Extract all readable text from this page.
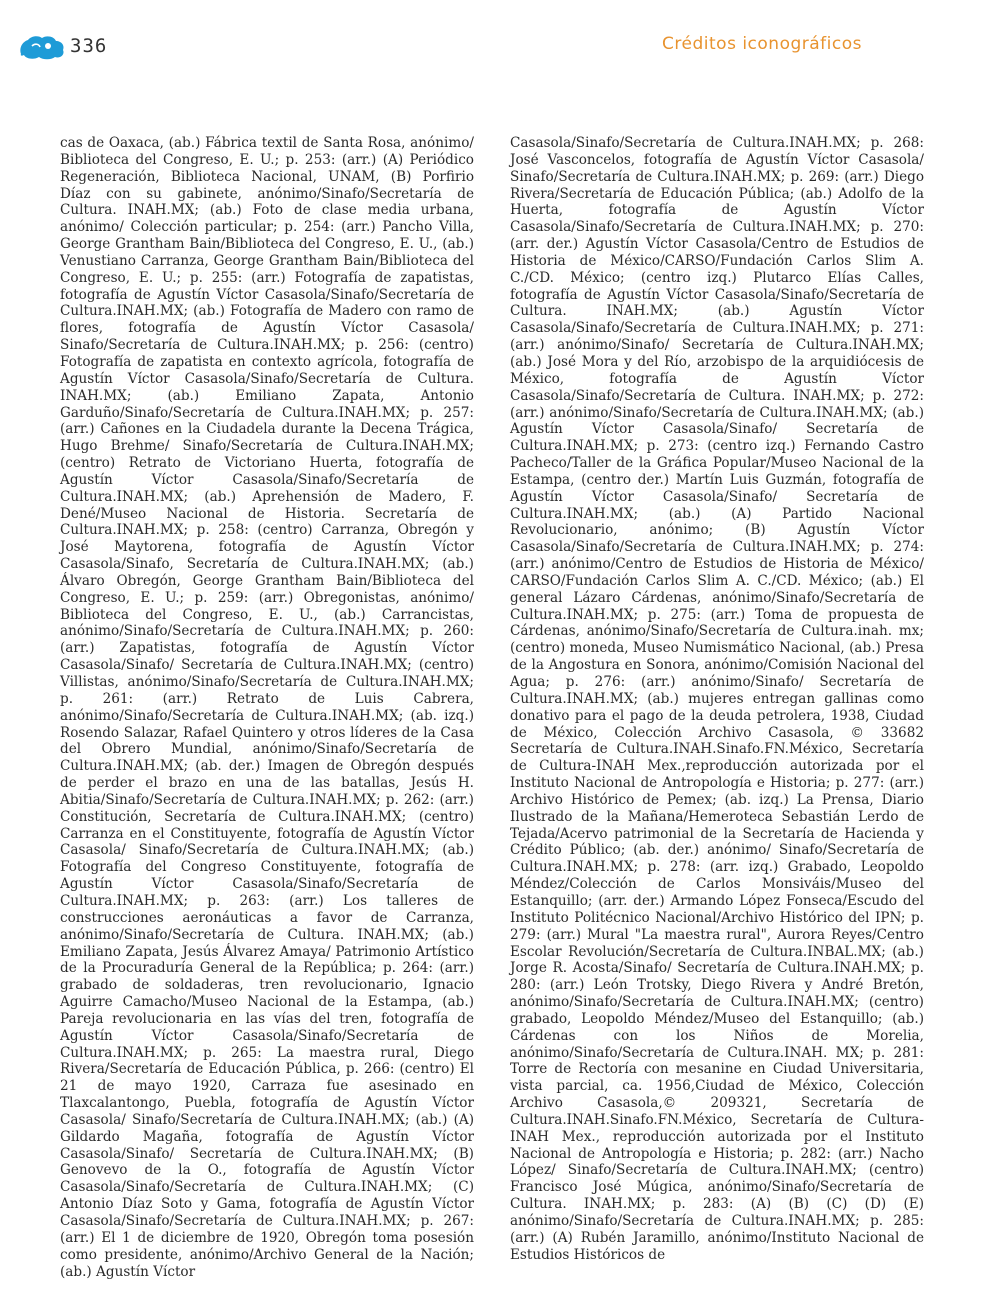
336	Créditos iconográficos

cas de Oaxaca, (ab.) Fábrica textil de Santa Rosa, anónimo/ Biblioteca del Congreso, E. U.; p. 253: (arr.) (A) Periódico Regeneración, Biblioteca Nacional, UNAM, (B) Porfirio Díaz con su gabinete, anónimo/Sinafo/Secretaría de Cultura. INAH.MX; (ab.) Foto de clase media urbana, anónimo/ Colección particular; p. 254: (arr.) Pancho Villa, George Grantham Bain/Biblioteca del Congreso, E. U., (ab.) Venustiano Carranza, George Grantham Bain/Biblioteca del Congreso, E. U.; p. 255: (arr.) Fotografía de zapatistas, fotografía de Agustín Víctor Casasola/Sinafo/Secretaría de Cultura.INAH.MX; (ab.) Fotografía de Madero con ramo de flores, fotografía de Agustín Víctor Casasola/ Sinafo/Secretaría de Cultura.INAH.MX; p. 256: (centro) Fotografía de zapatista en contexto agrícola, fotografía de Agustín Víctor Casasola/Sinafo/Secretaría de Cultura. INAH.MX; (ab.) Emiliano Zapata, Antonio Garduño/Sinafo/Secretaría de Cultura.INAH.MX; p. 257: (arr.) Cañones en la Ciudadela durante la Decena Trágica, Hugo Brehme/ Sinafo/Secretaría de Cultura.INAH.MX; (centro) Retrato de Victoriano Huerta, fotografía de Agustín Víctor Casasola/Sinafo/Secretaría de Cultura.INAH.MX; (ab.) Aprehensión de Madero, F. Dené/Museo Nacional de Historia. Secretaría de Cultura.INAH.MX; p. 258: (centro) Carranza, Obregón y José Maytorena, fotografía de Agustín Víctor Casasola/Sinafo, Secretaría de Cultura.INAH.MX; (ab.) Álvaro Obregón, George Grantham Bain/Biblioteca del Congreso, E. U.; p. 259: (arr.) Obregonistas, anónimo/ Biblioteca del Congreso, E. U., (ab.) Carrancistas, anónimo/Sinafo/Secretaría de Cultura.INAH.MX; p. 260: (arr.) Zapatistas, fotografía de Agustín Víctor Casasola/Sinafo/ Secretaría de Cultura.INAH.MX; (centro) Villistas, anónimo/Sinafo/Secretaría de Cultura.INAH.MX; p. 261: (arr.) Retrato de Luis Cabrera, anónimo/Sinafo/Secretaría de Cultura.INAH.MX; (ab. izq.) Rosendo Salazar, Rafael Quintero y otros líderes de la Casa del Obrero Mundial, anónimo/Sinafo/Secretaría de Cultura.INAH.MX; (ab. der.) Imagen de Obregón después de perder el brazo en una de las batallas, Jesús H. Abitia/Sinafo/Secretaría de Cultura.INAH.MX; p. 262: (arr.) Constitución, Secretaría de Cultura.INAH.MX; (centro) Carranza en el Constituyente, fotografía de Agustín Víctor Casasola/ Sinafo/Secretaría de Cultura.INAH.MX; (ab.) Fotografía del Congreso Constituyente, fotografía de Agustín Víctor Casasola/Sinafo/Secretaría de Cultura.INAH.MX; p. 263: (arr.) Los talleres de construcciones aeronáuticas a favor de Carranza, anónimo/Sinafo/Secretaría de Cultura. INAH.MX; (ab.) Emiliano Zapata, Jesús Álvarez Amaya/ Patrimonio Artístico de la Procuraduría General de la República; p. 264: (arr.) grabado de soldaderas, tren revolucionario, Ignacio Aguirre Camacho/Museo Nacional de la Estampa, (ab.) Pareja revolucionaria en las vías del tren, fotografía de Agustín Víctor Casasola/Sinafo/Secretaría de Cultura.INAH.MX; p. 265: La maestra rural, Diego Rivera/Secretaría de Educación Pública, p. 266: (centro) El 21 de mayo 1920, Carraza fue asesinado en Tlaxcalantongo, Puebla, fotografía de Agustín Víctor Casasola/ Sinafo/Secretaría de Cultura.INAH.MX; (ab.) (A) Gildardo Magaña, fotografía de Agustín Víctor Casasola/Sinafo/ Secretaría de Cultura.INAH.MX; (B) Genovevo de la O., fotografía de Agustín Víctor Casasola/Sinafo/Secretaría de Cultura.INAH.MX; (C) Antonio Díaz Soto y Gama, fotografía de Agustín Víctor Casasola/Sinafo/Secretaría de Cultura.INAH.MX; p. 267: (arr.) El 1 de diciembre de 1920, Obregón toma posesión como presidente, anónimo/Archivo General de la Nación; (ab.) Agustín Víctor

Casasola/Sinafo/Secretaría de Cultura.INAH.MX; p. 268: José Vasconcelos, fotografía de Agustín Víctor Casasola/ Sinafo/Secretaría de Cultura.INAH.MX; p. 269: (arr.) Diego Rivera/Secretaría de Educación Pública; (ab.) Adolfo de la Huerta, fotografía de Agustín Víctor Casasola/Sinafo/Secretaría de Cultura.INAH.MX; p. 270: (arr. der.) Agustín Víctor Casasola/Centro de Estudios de Historia de México/CARSO/Fundación Carlos Slim A. C./CD. México; (centro izq.) Plutarco Elías Calles, fotografía de Agustín Víctor Casasola/Sinafo/Secretaría de Cultura. INAH.MX; (ab.) Agustín Víctor Casasola/Sinafo/Secretaría de Cultura.INAH.MX; p. 271: (arr.) anónimo/Sinafo/ Secretaría de Cultura.INAH.MX; (ab.) José Mora y del Río, arzobispo de la arquidiócesis de México, fotografía de Agustín Víctor Casasola/Sinafo/Secretaría de Cultura. INAH.MX; p. 272: (arr.) anónimo/Sinafo/Secretaría de Cultura.INAH.MX; (ab.) Agustín Víctor Casasola/Sinafo/ Secretaría de Cultura.INAH.MX; p. 273: (centro izq.) Fernando Castro Pacheco/Taller de la Gráfica Popular/Museo Nacional de la Estampa, (centro der.) Martín Luis Guzmán, fotografía de Agustín Víctor Casasola/Sinafo/ Secretaría de Cultura.INAH.MX; (ab.) (A) Partido Nacional Revolucionario, anónimo; (B) Agustín Víctor Casasola/Sinafo/Secretaría de Cultura.INAH.MX; p. 274: (arr.) anónimo/Centro de Estudios de Historia de México/ CARSO/Fundación Carlos Slim A. C./CD. México; (ab.) El general Lázaro Cárdenas, anónimo/Sinafo/Secretaría de Cultura.INAH.MX; p. 275: (arr.) Toma de propuesta de Cárdenas, anónimo/Sinafo/Secretaría de Cultura.inah. mx; (centro) moneda, Museo Numismático Nacional, (ab.) Presa de la Angostura en Sonora, anónimo/Comisión Nacional del Agua; p. 276: (arr.) anónimo/Sinafo/ Secretaría de Cultura.INAH.MX; (ab.) mujeres entregan gallinas como donativo para el pago de la deuda petrolera, 1938, Ciudad de México, Colección Archivo Casasola, © 33682 Secretaría de Cultura.INAH.Sinafo.FN.México, Secretaría de Cultura-INAH Mex.,reproducción autorizada por el Instituto Nacional de Antropología e Historia; p. 277: (arr.) Archivo Histórico de Pemex; (ab. izq.) La Prensa, Diario Ilustrado de la Mañana/Hemeroteca Sebastián Lerdo de Tejada/Acervo patrimonial de la Secretaría de Hacienda y Crédito Público; (ab. der.) anónimo/ Sinafo/Secretaría de Cultura.INAH.MX; p. 278: (arr. izq.) Grabado, Leopoldo Méndez/Colección de Carlos Monsiváis/Museo del Estanquillo; (arr. der.) Armando López Fonseca/Escudo del Instituto Politécnico Nacional/Archivo Histórico del IPN; p. 279: (arr.) Mural "La maestra rural", Aurora Reyes/Centro Escolar Revolución/Secretaría de Cultura.INBAL.MX; (ab.) Jorge R. Acosta/Sinafo/ Secretaría de Cultura.INAH.MX; p. 280: (arr.) León Trotsky, Diego Rivera y André Bretón, anónimo/Sinafo/Secretaría de Cultura.INAH.MX; (centro) grabado, Leopoldo Méndez/Museo del Estanquillo; (ab.) Cárdenas con los Niños de Morelia, anónimo/Sinafo/Secretaría de Cultura.INAH. MX; p. 281: Torre de Rectoría con mesanine en Ciudad Universitaria, vista parcial, ca. 1956,Ciudad de México, Colección Archivo Casasola,© 209321, Secretaría de Cultura.INAH.Sinafo.FN.México, Secretaría de Cultura-INAH Mex., reproducción autorizada por el Instituto Nacional de Antropología e Historia; p. 282: (arr.) Nacho López/ Sinafo/Secretaría de Cultura.INAH.MX; (centro) Francisco José Múgica, anónimo/Sinafo/Secretaría de Cultura. INAH.MX; p. 283: (A) (B) (C) (D) (E) anónimo/Sinafo/Secretaría de Cultura.INAH.MX; p. 285: (arr.) (A) Rubén Jaramillo, anónimo/Instituto Nacional de Estudios Históricos de
